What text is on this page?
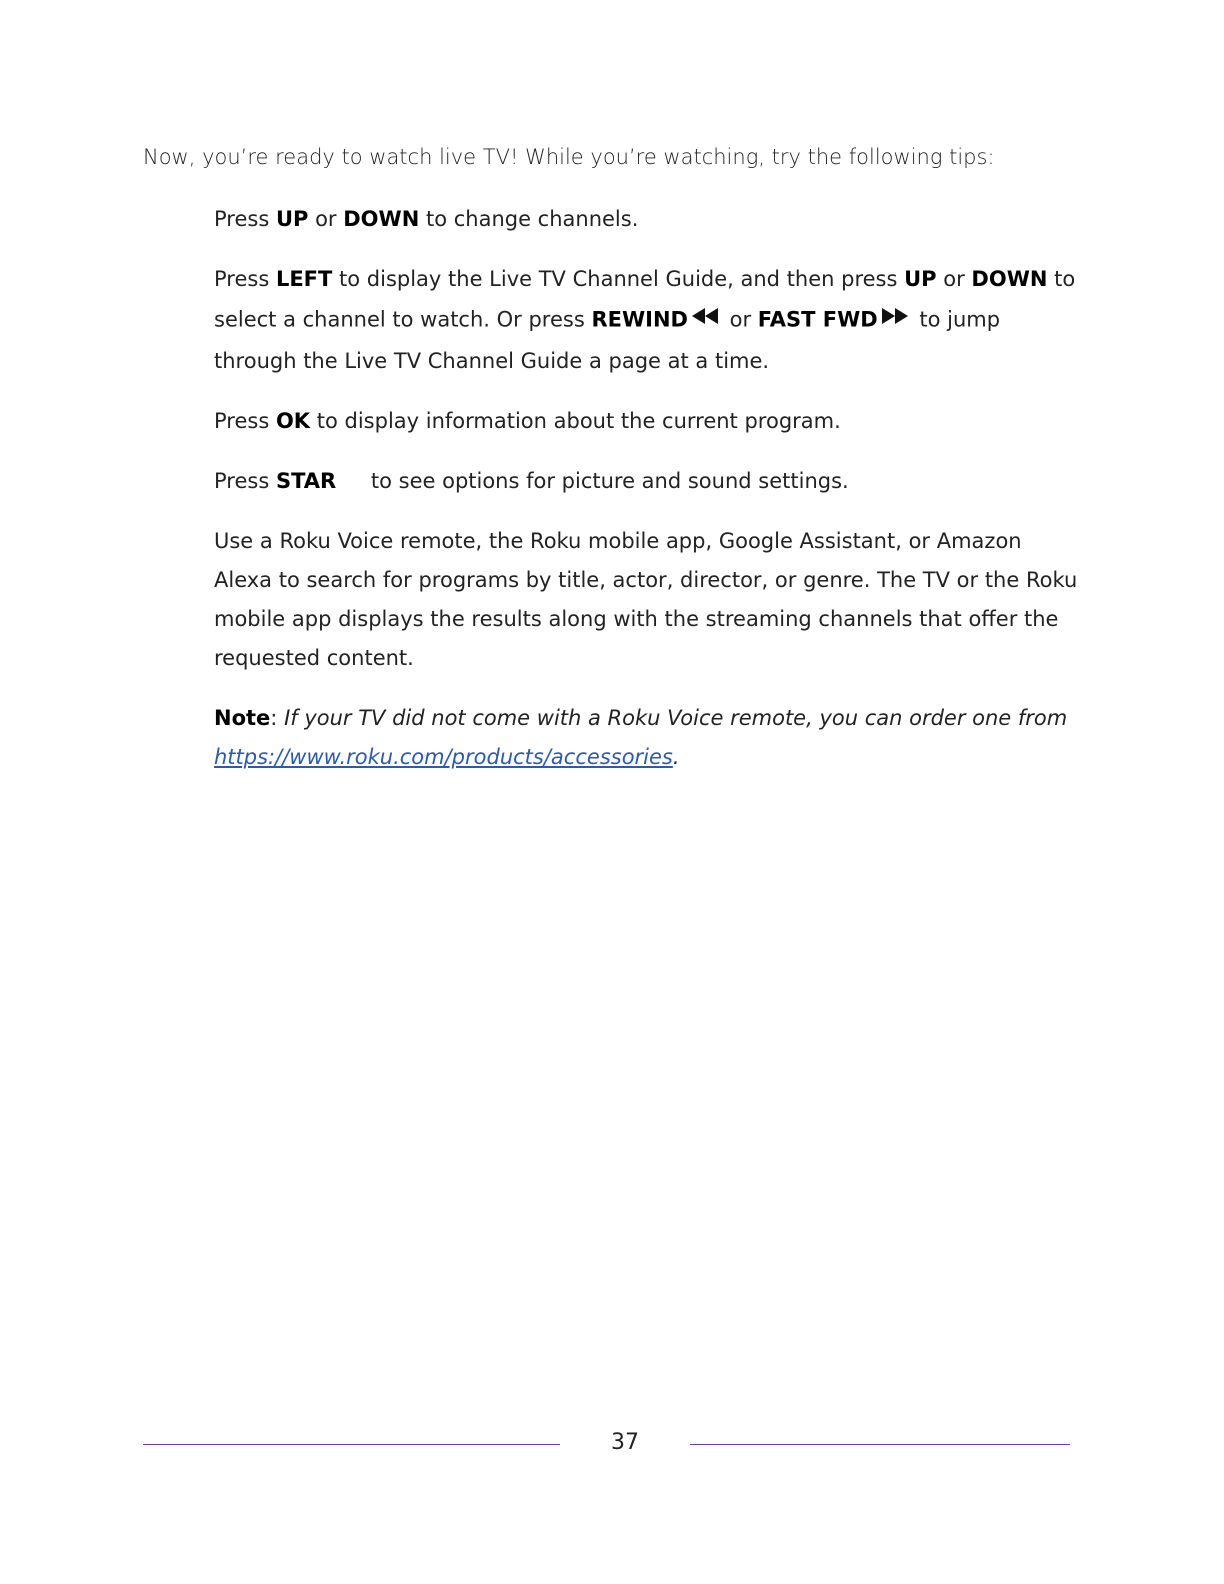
Now, you’re ready to watch live TV! While you’re watching, try the following tips:

Press UP or DOWN to change channels.

Press LEFT to display the Live TV Channel Guide, and then press UP or DOWN to select a channel to watch. Or press REWIND or FAST FWD to jump through the Live TV Channel Guide a page at a time.

Press OK to display information about the current program.

Press STAR to see options for picture and sound settings.

Use a Roku Voice remote, the Roku mobile app, Google Assistant, or Amazon Alexa to search for programs by title, actor, director, or genre. The TV or the Roku mobile app displays the results along with the streaming channels that offer the requested content.

Note: If your TV did not come with a Roku Voice remote, you can order one from https://www.roku.com/products/accessories.

37
